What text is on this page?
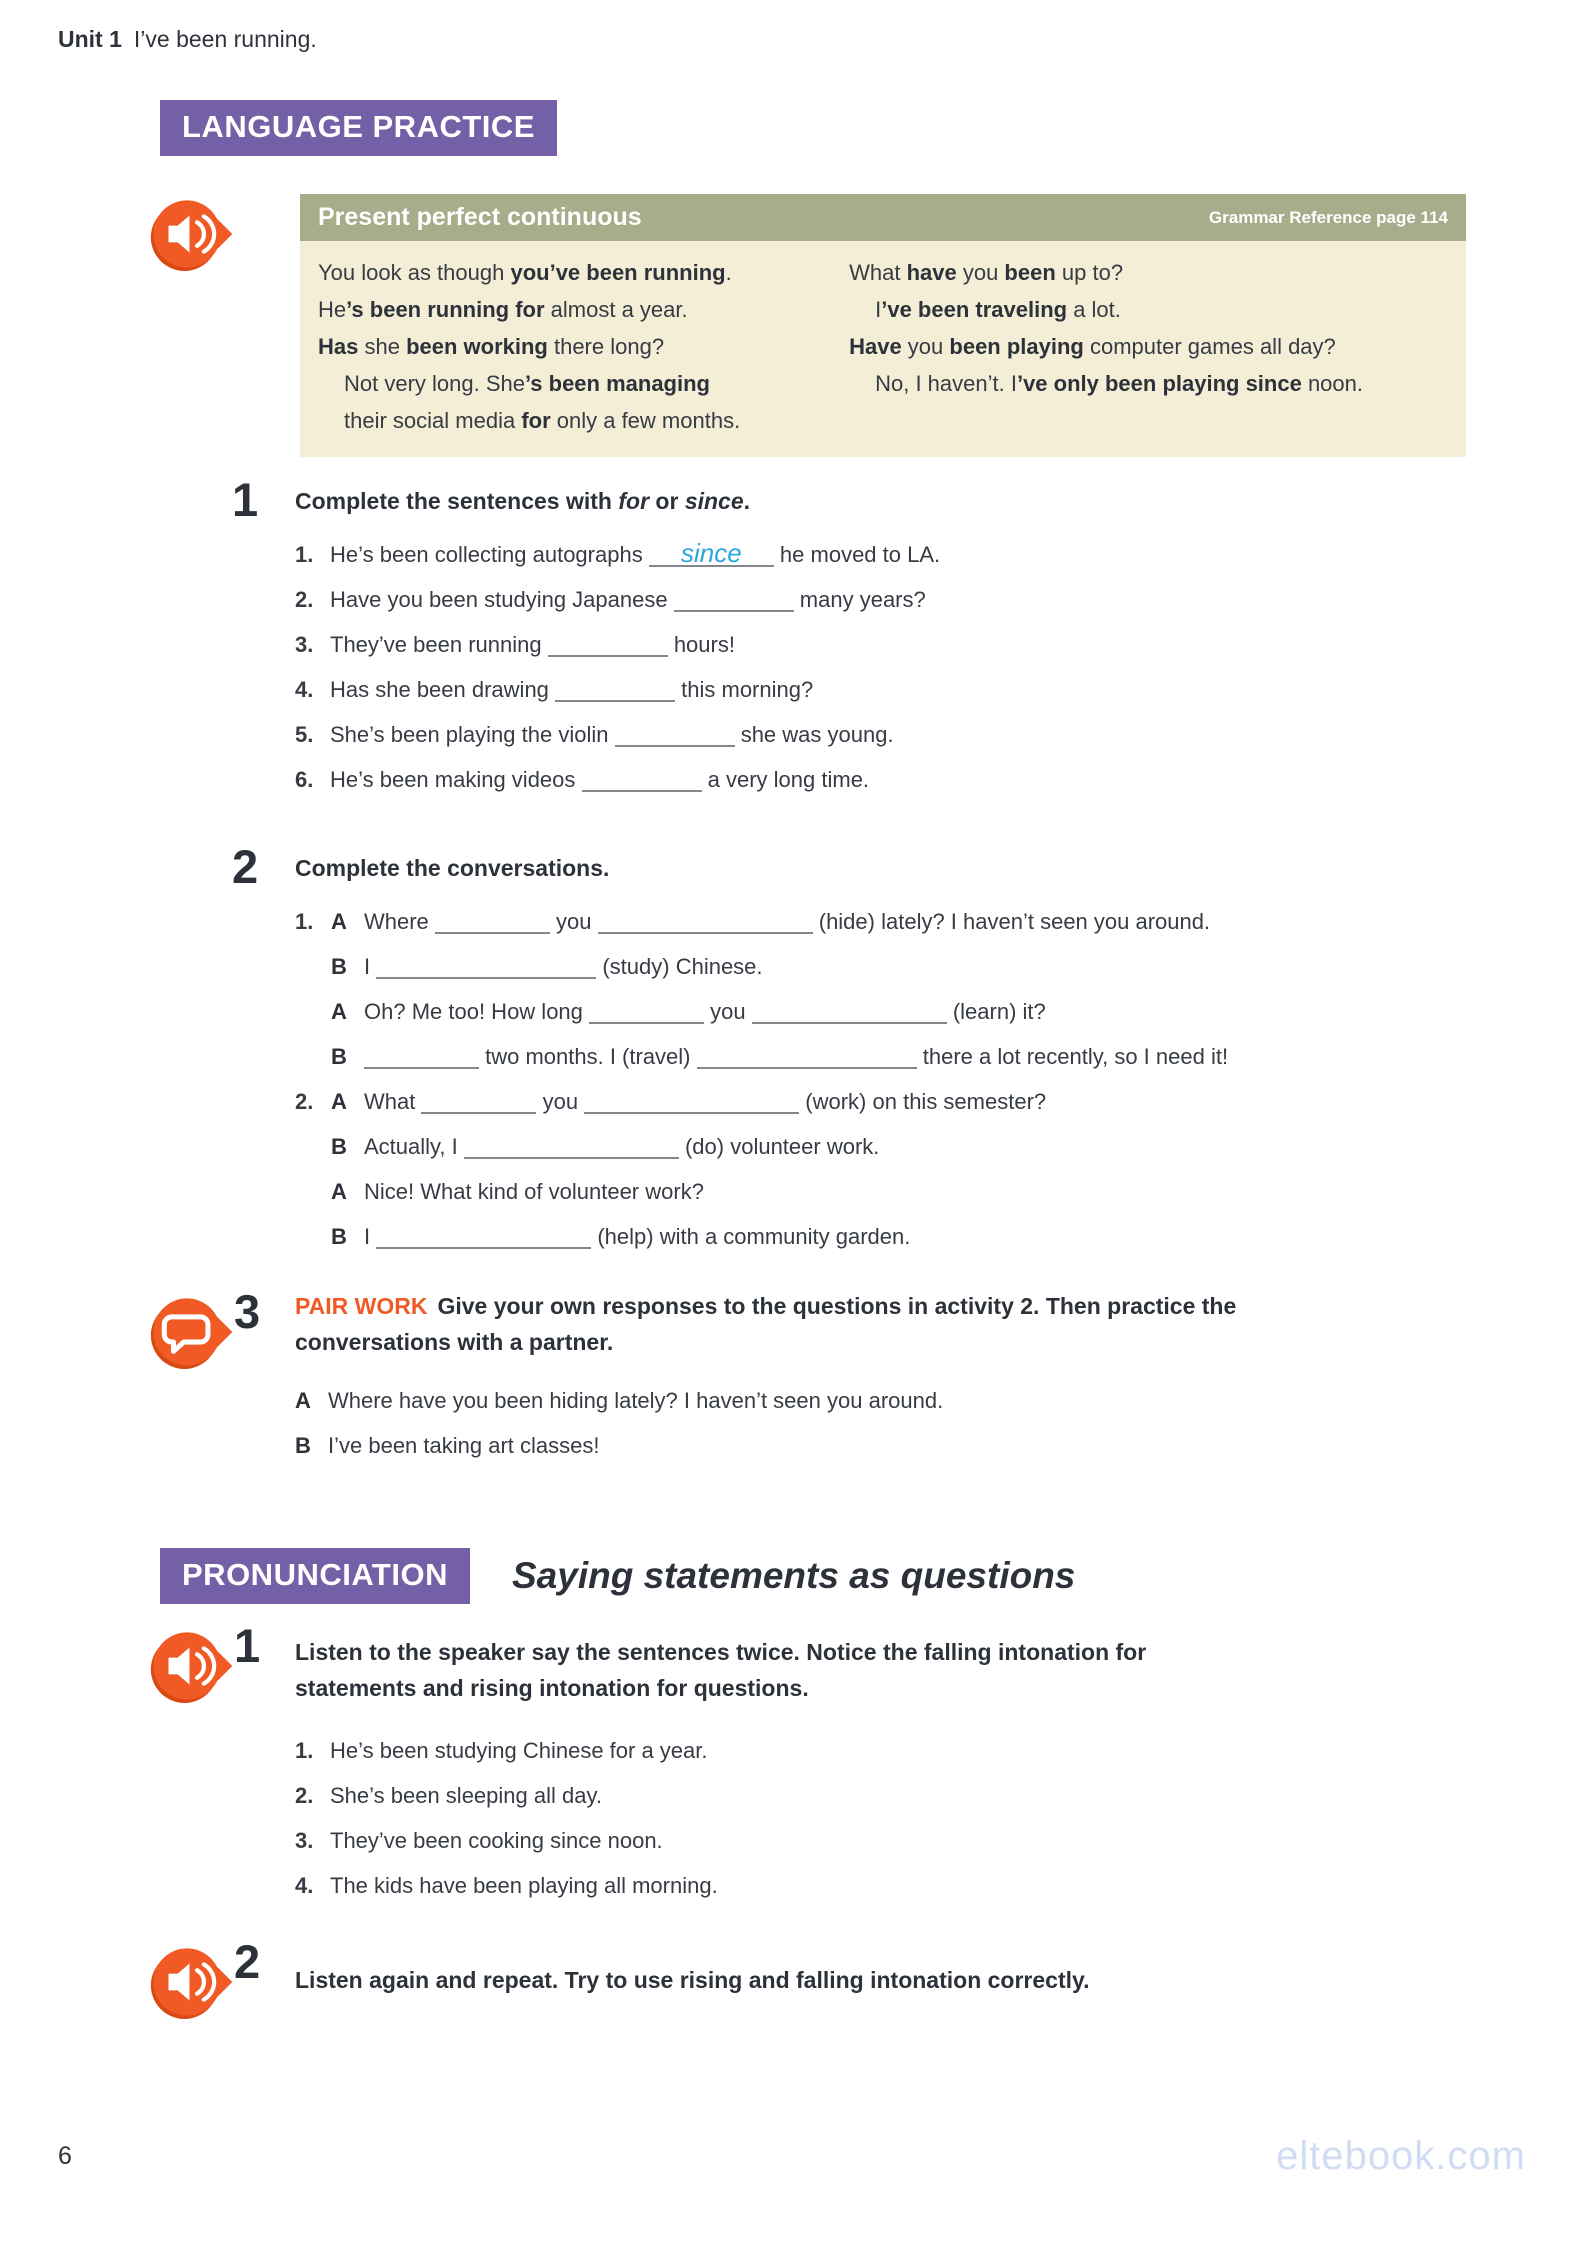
Unit 1 I’ve been running.
LANGUAGE PRACTICE
Present perfect continuous	Grammar Reference page 114
You look as though you’ve been running.
He’s been running for almost a year.
Has she been working there long?
Not very long. She’s been managing
their social media for only a few months.
What have you been up to?
I’ve been traveling a lot.
Have you been playing computer games all day?
No, I haven’t. I’ve only been playing since noon.
1	Complete the sentences with for or since.
1. He’s been collecting autographs	since	he moved to LA.
2. Have you been studying Japanese	many years?
3. They’ve been running	hours!
4. Has she been drawing	this morning?
5. She’s been playing the violin	she was young.
6. He’s been making videos	a very long time.
2	Complete the conversations.
1. A Where	you	(hide) lately? I haven’t seen you around.
B I	(study) Chinese.
A Oh? Me too! How long	you	(learn) it?
B	two months. I (travel)	there a lot recently, so I need it!
2. A What	you	(work) on this semester?
B Actually, I	(do) volunteer work.
A Nice! What kind of volunteer work?
B I	(help) with a community garden.
3	PAIR WORK Give your own responses to the questions in activity 2. Then practice the
conversations with a partner.
A Where have you been hiding lately? I haven’t seen you around.
B I’ve been taking art classes!
PRONUNCIATION	Saying statements as questions
1	Listen to the speaker say the sentences twice. Notice the falling intonation for
statements and rising intonation for questions.
1. He’s been studying Chinese for a year.
2. She’s been sleeping all day.
3. They’ve been cooking since noon.
4. The kids have been playing all morning.
2	Listen again and repeat. Try to use rising and falling intonation correctly.
6	eltebook.com
